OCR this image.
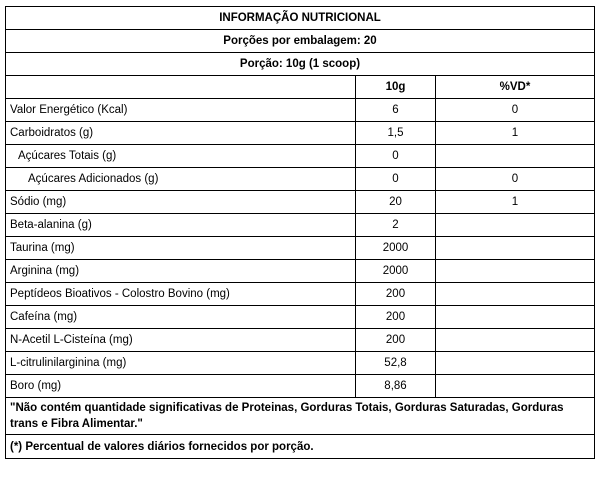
INFORMAÇÃO NUTRICIONAL		
Porções por embalagem: 20		
Porção: 10g (1 scoop)		
	10g	%VD*
Valor Energético (Kcal)	6	0
Carboidratos (g)	1,5	1
Açúcares Totais (g)	0	
Açúcares Adicionados (g)	0	0
Sódio (mg)	20	1
Beta-alanina (g)	2	
Taurina (mg)	2000	
Arginina (mg)	2000	
Peptídeos Bioativos - Colostro Bovino (mg)	200	
Cafeína (mg)	200	
N-Acetil L-Cisteína (mg)	200	
L-citrulinilarginina (mg)	52,8	
Boro (mg)	8,86	
"Não contém quantidade significativas de Proteinas, Gorduras Totais, Gorduras Saturadas, Gorduras trans e Fibra Alimentar."		
(*) Percentual de valores diários fornecidos por porção.		
